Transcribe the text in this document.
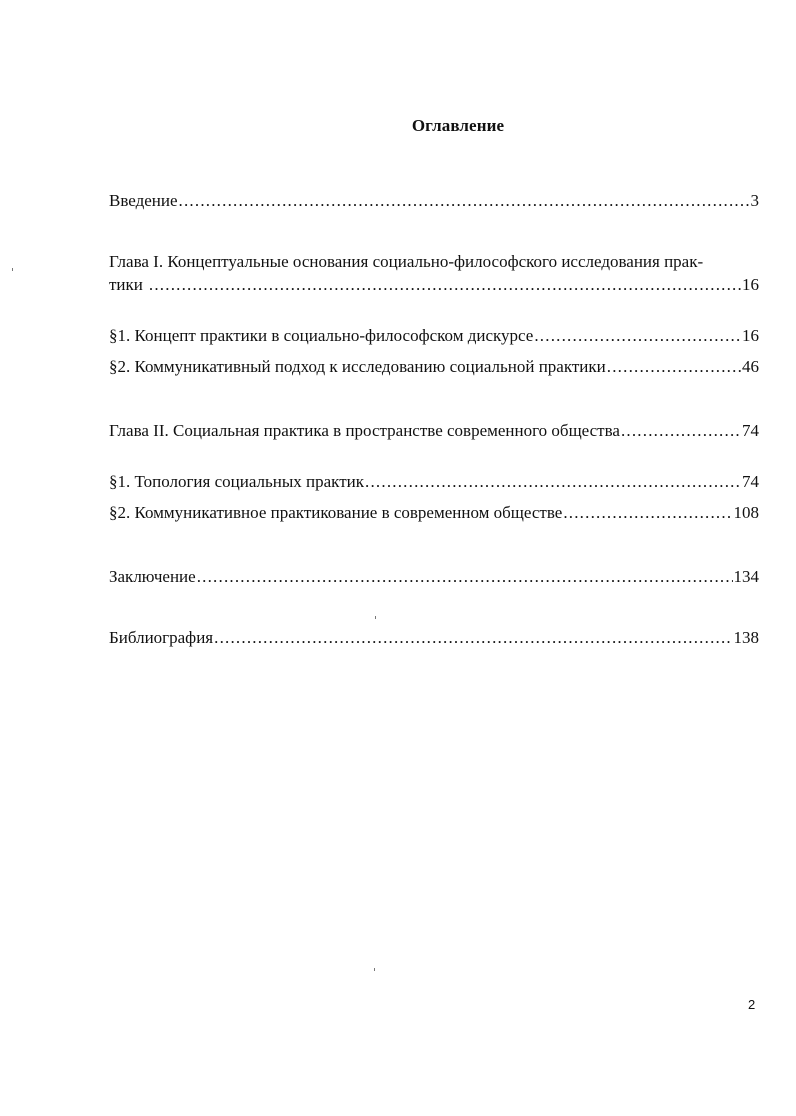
Оглавление
Введение .....	3
Глава I. Концептуальные основания социально-философского исследования прак-
тики .....	16
§1. Концепт практики в социально-философском дискурсе .....	16
§2. Коммуникативный подход к исследованию социальной практики .....	46
Глава II. Социальная практика в пространстве современного общества .....	74
§1. Топология социальных практик .....	74
§2. Коммуникативное практикование в современном обществе .....	108
Заключение .....	134
Библиография .....	138
2
